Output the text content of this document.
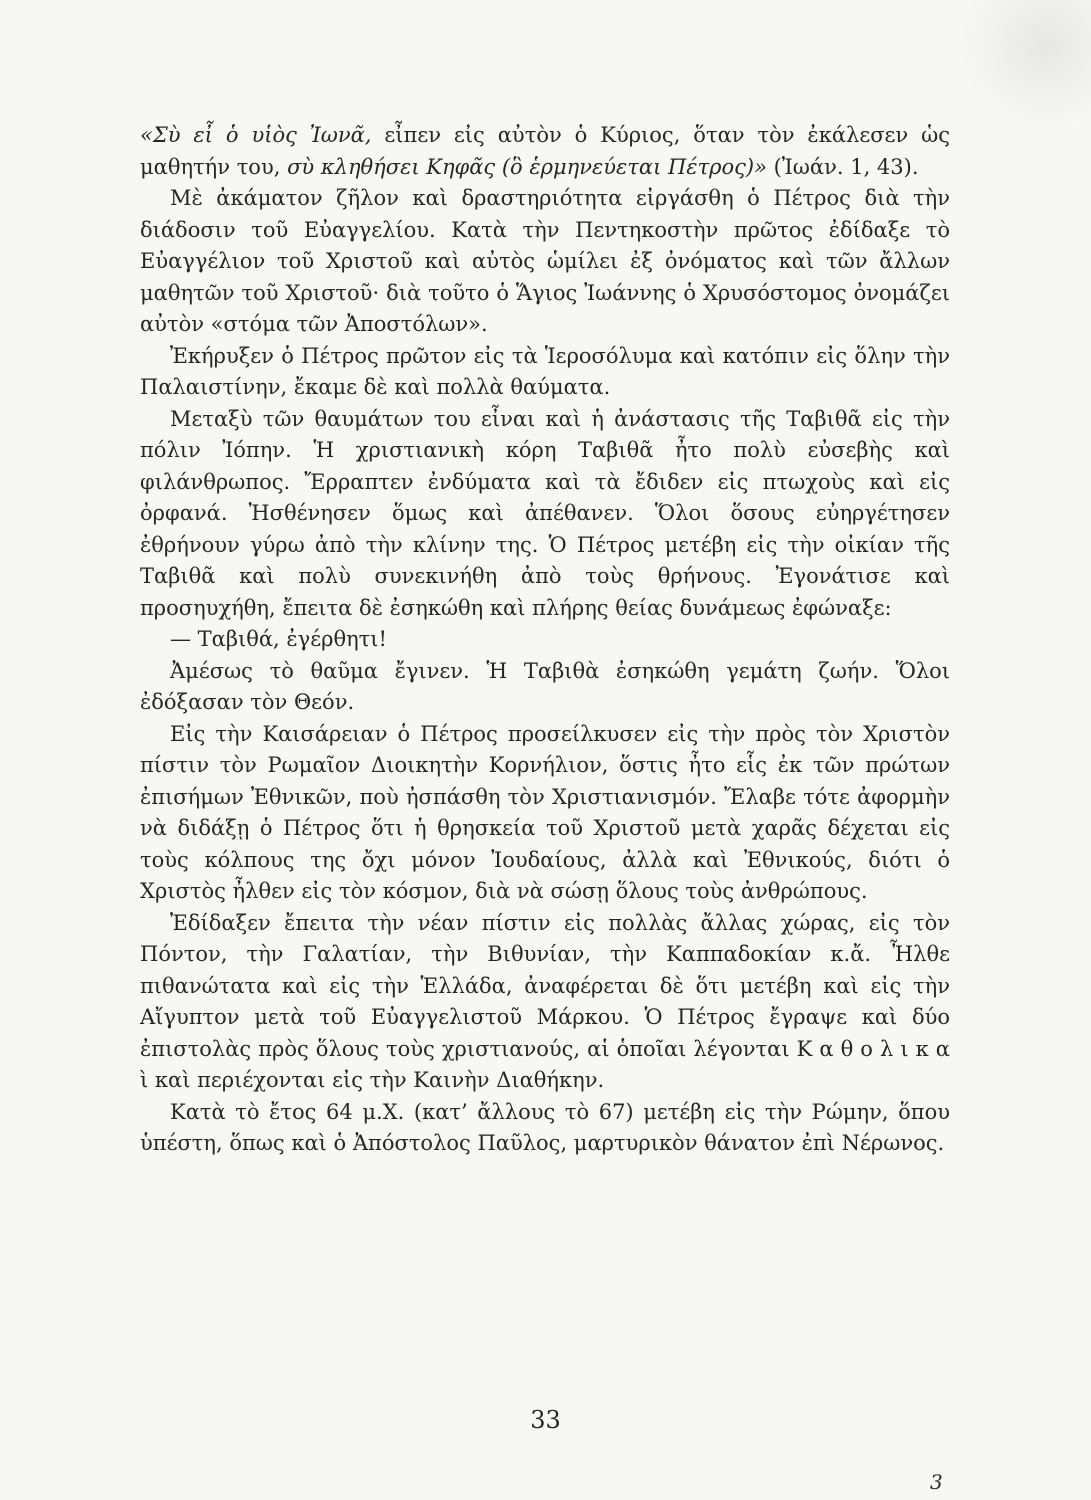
«Σὺ εἶ ὁ υἱὸς Ἰωνᾶ, εἶπεν εἰς αὐτὸν ὁ Κύριος, ὅταν τὸν ἐκάλεσεν ὡς μαθητήν του, σὺ κληθήσει Κηφᾶς (ὃ ἑρμηνεύεται Πέτρος)» (Ἰωάν. 1, 43).

Μὲ ἀκάματον ζῆλον καὶ δραστηριότητα εἰργάσθη ὁ Πέτρος διὰ τὴν διάδοσιν τοῦ Εὐαγγελίου. Κατὰ τὴν Πεντηκοστὴν πρῶτος ἐδίδαξε τὸ Εὐαγγέλιον τοῦ Χριστοῦ καὶ αὐτὸς ὡμίλει ἐξ ὀνόματος καὶ τῶν ἄλλων μαθητῶν τοῦ Χριστοῦ· διὰ τοῦτο ὁ Ἅγιος Ἰωάννης ὁ Χρυσόστομος ὀνομάζει αὐτὸν «στόμα τῶν Ἀποστόλων».

Ἐκήρυξεν ὁ Πέτρος πρῶτον εἰς τὰ Ἱεροσόλυμα καὶ κατόπιν εἰς ὅλην τὴν Παλαιστίνην, ἔκαμε δὲ καὶ πολλὰ θαύματα.

Μεταξὺ τῶν θαυμάτων του εἶναι καὶ ἡ ἀνάστασις τῆς Ταβιθᾶ εἰς τὴν πόλιν Ἰόπην. Ἡ χριστιανικὴ κόρη Ταβιθᾶ ἦτο πολὺ εὐσεβὴς καὶ φιλάνθρωπος. Ἔρραπτεν ἐνδύματα καὶ τὰ ἔδιδεν εἰς πτωχοὺς καὶ εἰς ὀρφανά. Ἠσθένησεν ὅμως καὶ ἀπέθανεν. Ὅλοι ὅσους εὐηργέτησεν ἐθρήνουν γύρω ἀπὸ τὴν κλίνην της. Ὁ Πέτρος μετέβη εἰς τὴν οἰκίαν τῆς Ταβιθᾶ καὶ πολὺ συνεκινήθη ἀπὸ τοὺς θρήνους. Ἐγονάτισε καὶ προσηυχήθη, ἔπειτα δὲ ἐσηκώθη καὶ πλήρης θείας δυνάμεως ἐφώναξε:

— Ταβιθά, ἐγέρθητι!

Ἀμέσως τὸ θαῦμα ἔγινεν. Ἡ Ταβιθὰ ἐσηκώθη γεμάτη ζωήν. Ὅλοι ἐδόξασαν τὸν Θεόν.

Εἰς τὴν Καισάρειαν ὁ Πέτρος προσείλκυσεν εἰς τὴν πρὸς τὸν Χριστὸν πίστιν τὸν Ρωμαῖον Διοικητὴν Κορνήλιον, ὅστις ἦτο εἷς ἐκ τῶν πρώτων ἐπισήμων Ἐθνικῶν, ποὺ ἠσπάσθη τὸν Χριστιανισμόν. Ἔλαβε τότε ἀφορμὴν νὰ διδάξῃ ὁ Πέτρος ὅτι ἡ θρησκεία τοῦ Χριστοῦ μετὰ χαρᾶς δέχεται εἰς τοὺς κόλπους της ὄχι μόνον Ἰουδαίους, ἀλλὰ καὶ Ἐθνικούς, διότι ὁ Χριστὸς ἦλθεν εἰς τὸν κόσμον, διὰ νὰ σώσῃ ὅλους τοὺς ἀνθρώπους.

Ἐδίδαξεν ἔπειτα τὴν νέαν πίστιν εἰς πολλὰς ἄλλας χώρας, εἰς τὸν Πόντον, τὴν Γαλατίαν, τὴν Βιθυνίαν, τὴν Καππαδοκίαν κ.ἄ. Ἦλθε πιθανώτατα καὶ εἰς τὴν Ἑλλάδα, ἀναφέρεται δὲ ὅτι μετέβη καὶ εἰς τὴν Αἴγυπτον μετὰ τοῦ Εὐαγγελιστοῦ Μάρκου. Ὁ Πέτρος ἔγραψε καὶ δύο ἐπιστολὰς πρὸς ὅλους τοὺς χριστιανούς, αἱ ὁποῖαι λέγονται Κ α θ ο λ ι κ α ὶ καὶ περιέχονται εἰς τὴν Καινὴν Διαθήκην.

Κατὰ τὸ ἔτος 64 μ.Χ. (κατ’ ἄλλους τὸ 67) μετέβη εἰς τὴν Ρώμην, ὅπου ὑπέστη, ὅπως καὶ ὁ Ἀπόστολος Παῦλος, μαρτυρικὸν θάνατον ἐπὶ Νέρωνος.

33
3
